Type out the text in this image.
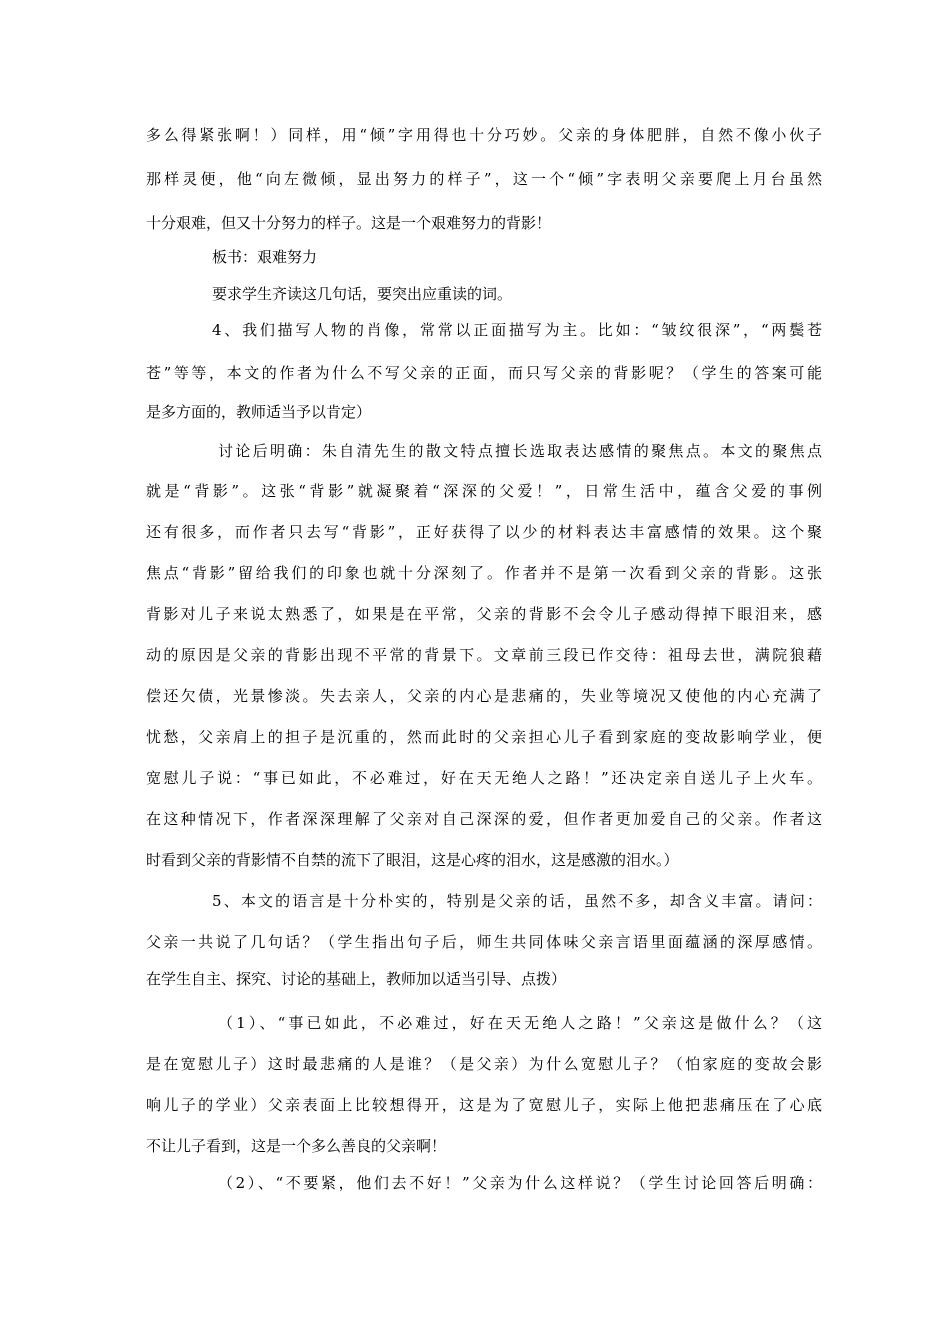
多么得紧张啊！）同样，用“倾”字用得也十分巧妙。父亲的身体肥胖，自然不像小伙子
那样灵便，他“向左微倾，显出努力的样子”，这一个“倾”字表明父亲要爬上月台虽然
十分艰难，但又十分努力的样子。这是一个艰难努力的背影！
板书：艰难努力
要求学生齐读这几句话，要突出应重读的词。
4、我们描写人物的肖像，常常以正面描写为主。比如：“皱纹很深”，“两鬓苍
苍”等等，本文的作者为什么不写父亲的正面，而只写父亲的背影呢？（学生的答案可能
是多方面的，教师适当予以肯定）
讨论后明确：朱自清先生的散文特点擅长选取表达感情的聚焦点。本文的聚焦点
就是“背影”。这张“背影”就凝聚着“深深的父爱！”，日常生活中，蕴含父爱的事例
还有很多，而作者只去写“背影”，正好获得了以少的材料表达丰富感情的效果。这个聚
焦点“背影”留给我们的印象也就十分深刻了。作者并不是第一次看到父亲的背影。这张
背影对儿子来说太熟悉了，如果是在平常，父亲的背影不会令儿子感动得掉下眼泪来，感
动的原因是父亲的背影出现不平常的背景下。文章前三段已作交待：祖母去世，满院狼藉
偿还欠债，光景惨淡。失去亲人，父亲的内心是悲痛的，失业等境况又使他的内心充满了
忧愁，父亲肩上的担子是沉重的，然而此时的父亲担心儿子看到家庭的变故影响学业，便
宽慰儿子说：“事已如此，不必难过，好在天无绝人之路！”还决定亲自送儿子上火车。
在这种情况下，作者深深理解了父亲对自己深深的爱，但作者更加爱自己的父亲。作者这
时看到父亲的背影情不自禁的流下了眼泪，这是心疼的泪水，这是感激的泪水。）
5、本文的语言是十分朴实的，特别是父亲的话，虽然不多，却含义丰富。请问：
父亲一共说了几句话？（学生指出句子后，师生共同体味父亲言语里面蕴涵的深厚感情。
在学生自主、探究、讨论的基础上，教师加以适当引导、点拨）
（1）、“事已如此，不必难过，好在天无绝人之路！”父亲这是做什么？（这
是在宽慰儿子）这时最悲痛的人是谁？（是父亲）为什么宽慰儿子？（怕家庭的变故会影
响儿子的学业）父亲表面上比较想得开，这是为了宽慰儿子，实际上他把悲痛压在了心底
不让儿子看到，这是一个多么善良的父亲啊！
（2）、“不要紧，他们去不好！”父亲为什么这样说？（学生讨论回答后明确：
